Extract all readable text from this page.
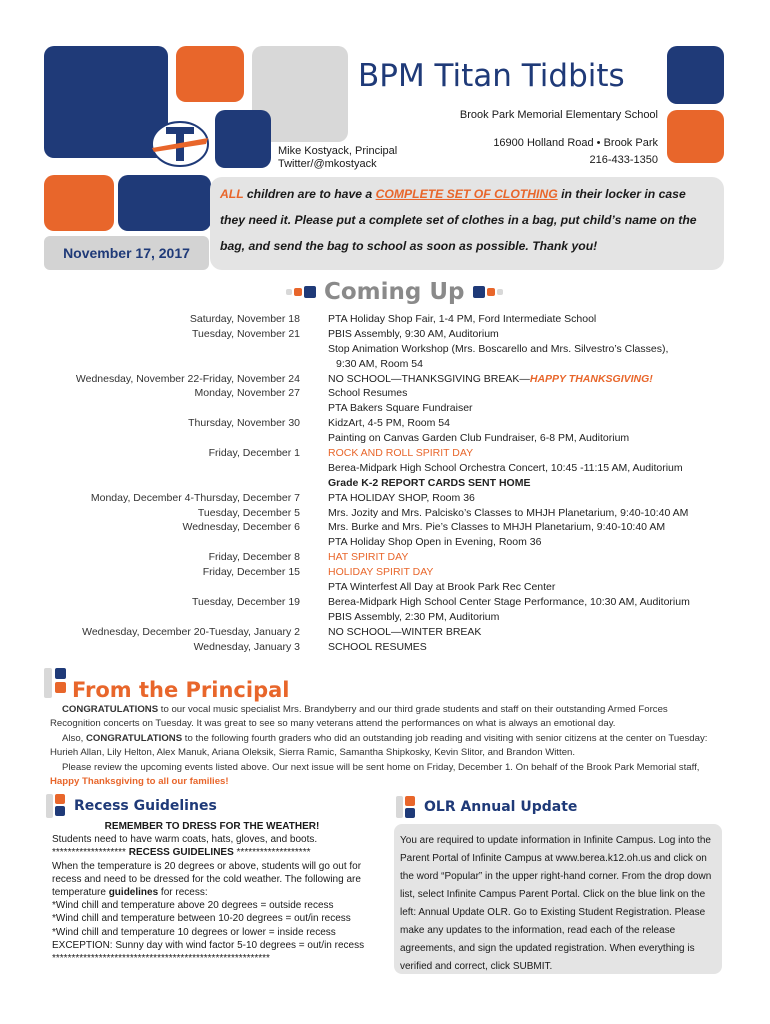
BPM Titan Tidbits
Brook Park Memorial Elementary School
16900 Holland Road • Brook Park
216-433-1350
Mike Kostyack, Principal
Twitter/@mkostyack

ALL children are to have a COMPLETE SET OF CLOTHING in their locker in case they need it. Please put a complete set of clothes in a bag, put child’s name on the bag, and send the bag to school as soon as possible. Thank you!

November 17, 2017
Coming Up
Saturday, November 18
Tuesday, November 21
Wednesday, November 22-Friday, November 24
Monday, November 27
Thursday, November 30
Friday, December 1
Monday, December 4-Thursday, December 7
Tuesday, December 5
Wednesday, December 6
Friday, December 8
Friday, December 15
Tuesday, December 19
Wednesday, December 20-Tuesday, January 2
Wednesday, January 3
PTA Holiday Shop Fair, 1-4 PM, Ford Intermediate School
PBIS Assembly, 9:30 AM, Auditorium
Stop Animation Workshop (Mrs. Boscarello and Mrs. Silvestro’s Classes),
9:30 AM, Room 54
NO SCHOOL—THANKSGIVING BREAK—HAPPY THANKSGIVING!
School Resumes
PTA Bakers Square Fundraiser
KidzArt, 4-5 PM, Room 54
Painting on Canvas Garden Club Fundraiser, 6-8 PM, Auditorium
ROCK AND ROLL SPIRIT DAY
Berea-Midpark High School Orchestra Concert, 10:45 -11:15 AM, Auditorium
Grade K-2 REPORT CARDS SENT HOME
PTA HOLIDAY SHOP, Room 36
Mrs. Jozity and Mrs. Palcisko’s Classes to MHJH Planetarium, 9:40-10:40 AM
Mrs. Burke and Mrs. Pie’s Classes to MHJH Planetarium, 9:40-10:40 AM
PTA Holiday Shop Open in Evening, Room 36
HAT SPIRIT DAY
HOLIDAY SPIRIT DAY
PTA Winterfest All Day at Brook Park Rec Center
Berea-Midpark High School Center Stage Performance, 10:30 AM, Auditorium
PBIS Assembly, 2:30 PM, Auditorium
NO SCHOOL—WINTER BREAK
SCHOOL RESUMES
From the Principal
CONGRATULATIONS to our vocal music specialist Mrs. Brandyberry and our third grade students and staff on their outstanding Armed Forces Recognition concerts on Tuesday. It was great to see so many veterans attend the performances on what is always an emotional day.
Also, CONGRATULATIONS to the following fourth graders who did an outstanding job reading and visiting with senior citizens at the center on Tuesday: Hurieh Allan, Lily Helton, Alex Manuk, Ariana Oleksik, Sierra Ramic, Samantha Shipkosky, Kevin Slitor, and Brandon Witten.
Please review the upcoming events listed above. Our next issue will be sent home on Friday, December 1. On behalf of the Brook Park Memorial staff, Happy Thanksgiving to all our families!
Recess Guidelines
REMEMBER TO DRESS FOR THE WEATHER!
Students need to have warm coats, hats, gloves, and boots.
******************* RECESS GUIDELINES *******************
When the temperature is 20 degrees or above, students will go out for recess and need to be dressed for the cold weather. The following are temperature guidelines for recess:
*Wind chill and temperature above 20 degrees = outside recess
*Wind chill and temperature between 10-20 degrees = out/in recess
*Wind chill and temperature 10 degrees or lower = inside recess
EXCEPTION: Sunny day with wind factor 5-10 degrees = out/in recess
********************************************************
OLR Annual Update
You are required to update information in Infinite Campus. Log into the Parent Portal of Infinite Campus at www.berea.k12.oh.us and click on the word “Popular” in the upper right-hand corner. From the drop down list, select Infinite Campus Parent Portal. Click on the blue link on the left: Annual Update OLR. Go to Existing Student Registration. Please make any updates to the information, read each of the release agreements, and sign the updated registration. When everything is verified and correct, click SUBMIT.
